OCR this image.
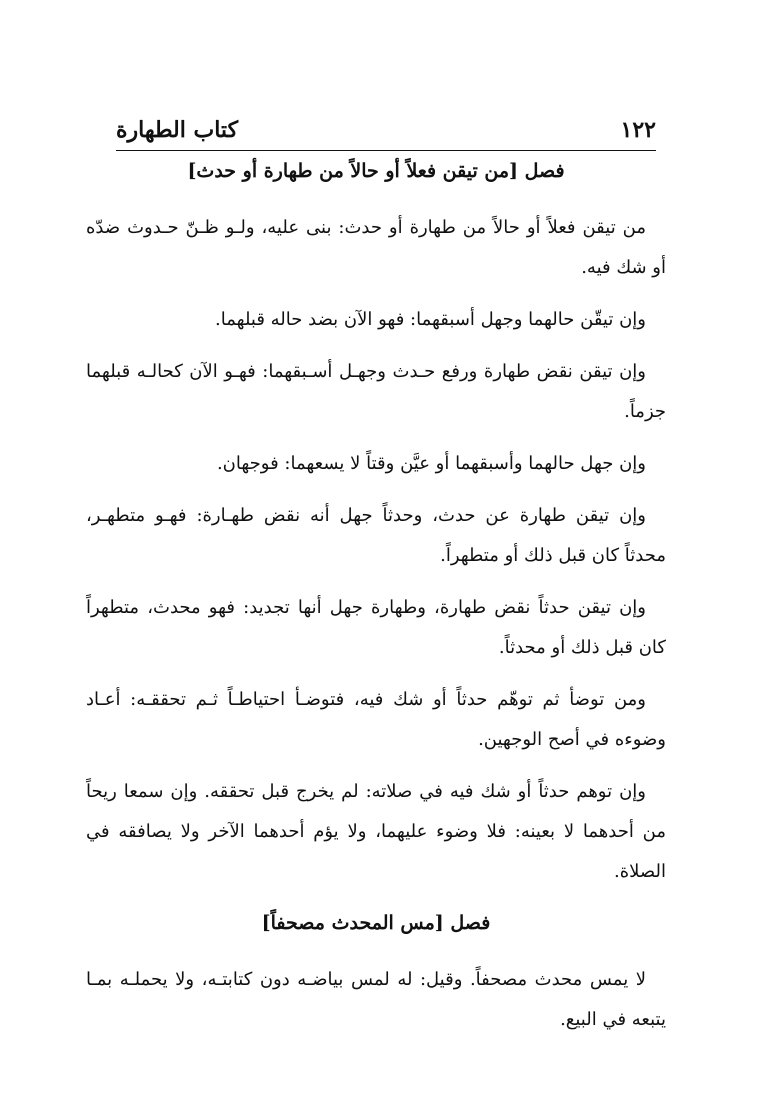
١٢٢
كتاب الطهارة
فصل [من تيقن فعلاً أو حالاً من طهارة أو حدث]

من تيقن فعلاً أو حالاً من طهارة أو حدث: بنى عليه، ولـو ظـنّ حـدوث ضدّه أو شك فيه.

وإن تيقّن حالهما وجهل أسبقهما: فهو الآن بضد حاله قبلهما.

وإن تيقن نقض طهارة ورفع حـدث وجهـل أسـبقهما: فهـو الآن كحالـه قبلهما جزماً.

وإن جهل حالهما وأسبقهما أو عيَّن وقتاً لا يسعهما: فوجهان.

وإن تيقن طهارة عن حدث، وحدثاً جهل أنه نقض طهـارة: فهـو متطهـر، محدثاً كان قبل ذلك أو متطهراً.

وإن تيقن حدثاً نقض طهارة، وطهارة جهل أنها تجديد: فهو محدث، متطهراً كان قبل ذلك أو محدثاً.

ومن توضأ ثم توهّم حدثاً أو شك فيه، فتوضـأ احتياطـاً ثـم تحققـه: أعـاد وضوءه في أصح الوجهين.

وإن توهم حدثاً أو شك فيه في صلاته: لم يخرج قبل تحققه. وإن سمعا ريحاً من أحدهما لا بعينه: فلا وضوء عليهما، ولا يؤم أحدهما الآخر ولا يصافقه في الصلاة.

فصل [مس المحدث مصحفاً]

لا يمس محدث مصحفاً. وقيل: له لمس بياضـه دون كتابتـه، ولا يحملـه بمـا يتبعه في البيع.
